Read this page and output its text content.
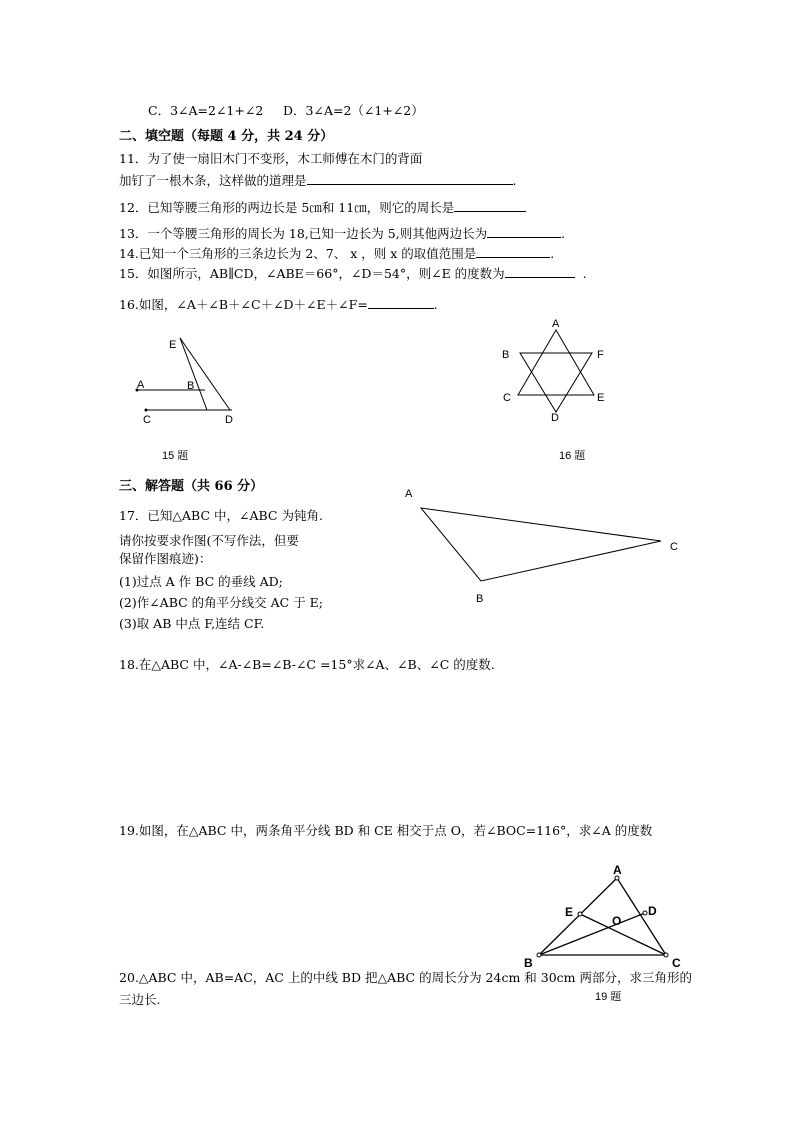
C．3∠A=2∠1+∠2 D．3∠A=2（∠1+∠2）
二、填空题（每题 4 分，共 24 分）
11．为了使一扇旧木门不变形，木工师傅在木门的背面
加钉了一根木条，这样做的道理是	.
12．已知等腰三角形的两边长是 5㎝和 11㎝，则它的周长是
13．一个等腰三角形的周长为 18,已知一边长为 5,则其他两边长为	.
14.已知一个三角形的三条边长为 2、7、 x ，则 x 的取值范围是	.
15．如图所示，AB∥CD，∠ABE＝66°，∠D＝54°，则∠E 的度数为	.
16.如图，∠A＋∠B＋∠C＋∠D＋∠E＋∠F=	.
E
A	B
C	D
15 题
A
B	F
C	E
D
16 题
A
B
C
A
E
O
D
B	C
19 题
三、解答题（共 66 分）
17．已知△ABC 中，∠ABC 为钝角.
请你按要求作图(不写作法，但要
保留作图痕迹)：
(1)过点 A 作 BC 的垂线 AD;
(2)作∠ABC 的角平分线交 AC 于 E;
(3)取 AB 中点 F,连结 CF.
18.在△ABC 中，∠A-∠B=∠B-∠C =15°求∠A、∠B、∠C 的度数.
19.如图，在△ABC 中，两条角平分线 BD 和 CE 相交于点 O，若∠BOC=116°，求∠A 的度数
20.△ABC 中，AB=AC，AC 上的中线 BD 把△ABC 的周长分为 24cm 和 30cm 两部分，求三角形的
三边长.
